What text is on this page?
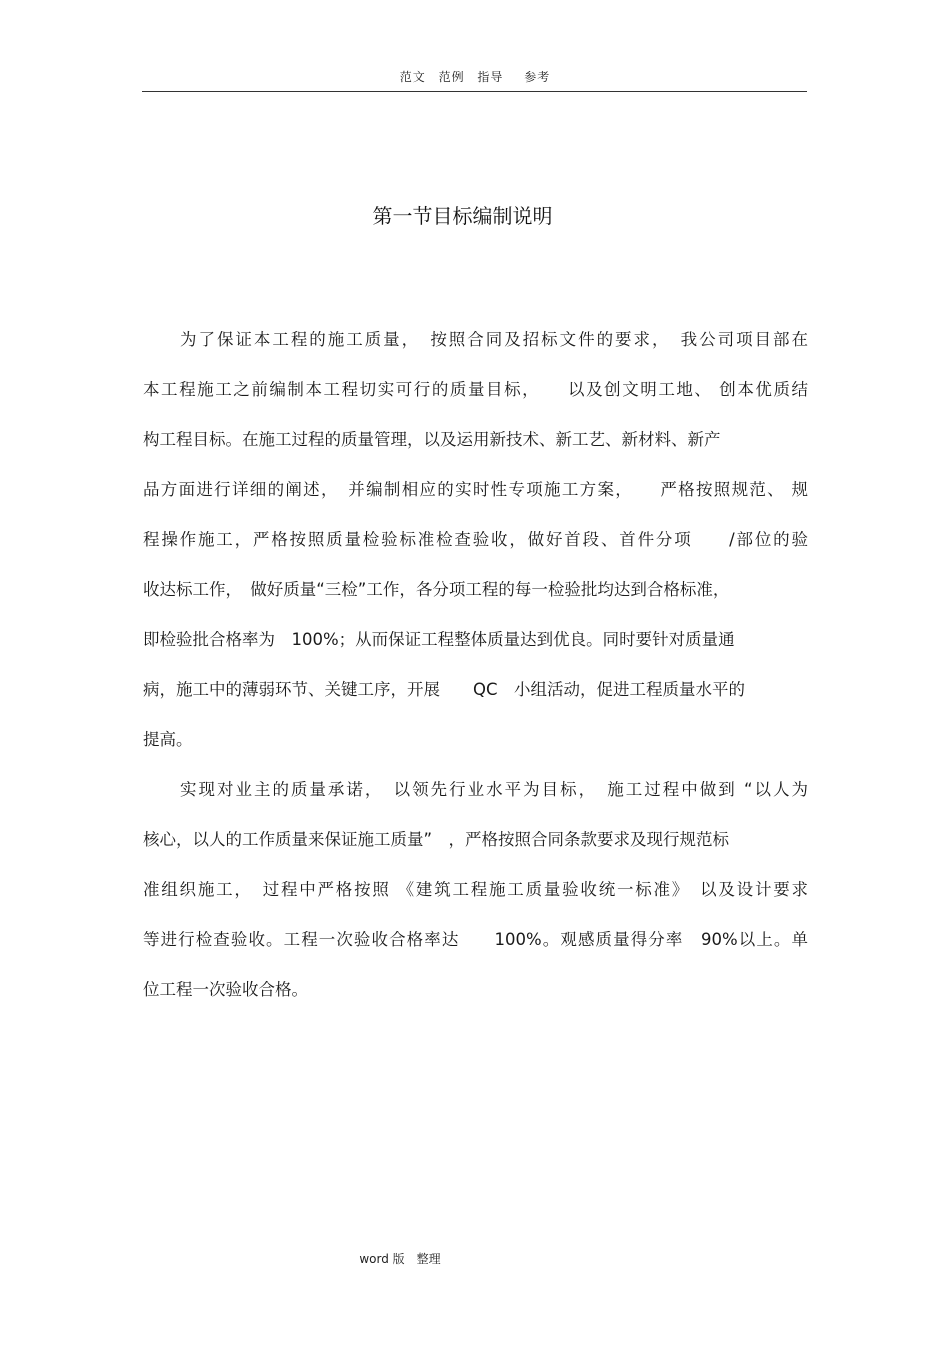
范文 范例 指导 参考
第一节目标编制说明
为了保证本工程的施工质量，　按照合同及招标文件的要求，　我公司项目部在
本工程施工之前编制本工程切实可行的质量目标，　　以及创文明工地、 创本优质结
构工程目标。在施工过程的质量管理，以及运用新技术、新工艺、新材料、新产
品方面进行详细的阐述，　并编制相应的实时性专项施工方案，　　严格按照规范、 规
程操作施工，严格按照质量检验标准检查验收，做好首段、首件分项　　/部位的验
收达标工作，　做好质量“三检”工作，各分项工程的每一检验批均达到合格标准，
即检验批合格率为　100%；从而保证工程整体质量达到优良。同时要针对质量通
病，施工中的薄弱环节、关键工序，开展　　QC　小组活动，促进工程质量水平的
提高。
实现对业主的质量承诺，　以领先行业水平为目标，　施工过程中做到 “以人为
核心，以人的工作质量来保证施工质量”　，严格按照合同条款要求及现行规范标
准组织施工，　过程中严格按照 《建筑工程施工质量验收统一标准》　以及设计要求
等进行检查验收。工程一次验收合格率达　　100%。观感质量得分率　90%以上。单
位工程一次验收合格。
word 版　整理
